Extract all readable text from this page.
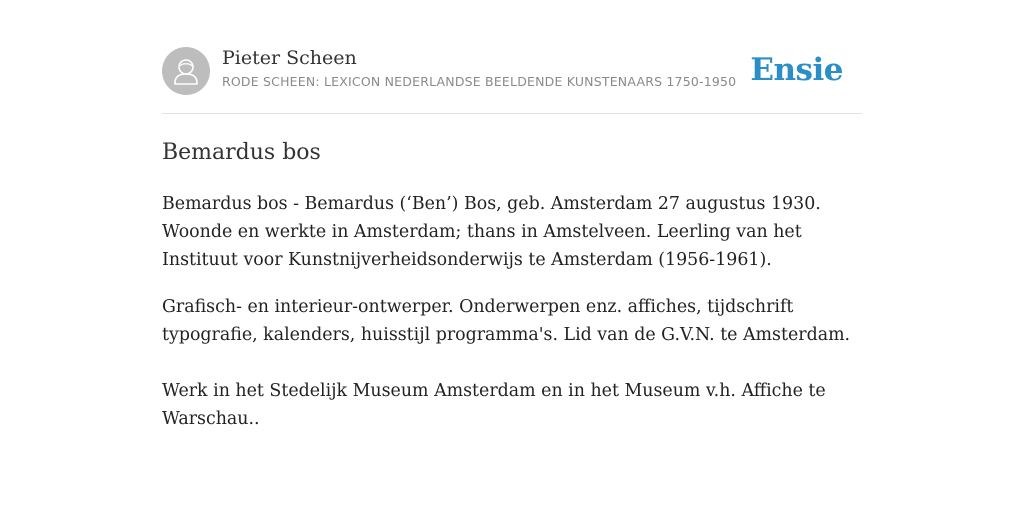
Pieter Scheen
RODE SCHEEN: LEXICON NEDERLANDSE BEELDENDE KUNSTENAARS 1750-1950 Ensie
Bemardus bos
Bemardus bos - Bemardus (‘Ben’) Bos, geb. Amsterdam 27 augustus 1930.
Woonde en werkte in Amsterdam; thans in Amstelveen. Leerling van het
Instituut voor Kunstnijverheidsonderwijs te Amsterdam (1956-1961).
Grafisch- en interieur-ontwerper. Onderwerpen enz. affiches, tijdschrift
typografie, kalenders, huisstijl programma's. Lid van de G.V.N. te Amsterdam.
Werk in het Stedelijk Museum Amsterdam en in het Museum v.h. Affiche te
Warschau..
